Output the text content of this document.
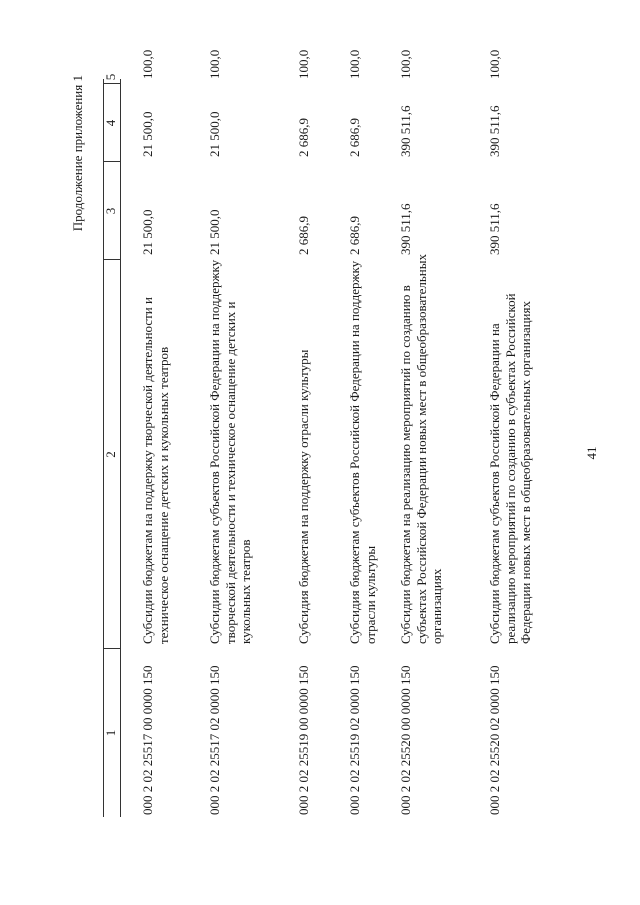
41
Продолжение приложения 1
1
2
3
4
5
000 2 02 25517 00 0000 150
Субсидии бюджетам на поддержку творческой деятельности и техническое оснащение детских и кукольных театров
21 500,0
21 500,0
100,0
000 2 02 25517 02 0000 150
Субсидии бюджетам субъектов Российской Федерации на поддержку творческой деятельности и техническое оснащение детских и кукольных театров
21 500,0
21 500,0
100,0
000 2 02 25519 00 0000 150
Субсидия бюджетам на поддержку отрасли культуры
2 686,9
2 686,9
100,0
000 2 02 25519 02 0000 150
Субсидия бюджетам субъектов Российской Федерации на поддержку отрасли культуры
2 686,9
2 686,9
100,0
000 2 02 25520 00 0000 150
Субсидии бюджетам на реализацию мероприятий по созданию в субъектах Российской Федерации новых мест в общеобразовательных организациях
390 511,6
390 511,6
100,0
000 2 02 25520 02 0000 150
Субсидии бюджетам субъектов Российской Федерации на реализацию мероприятий по созданию в субъектах Российской Федерации новых мест в общеобразовательных организациях
390 511,6
390 511,6
100,0
